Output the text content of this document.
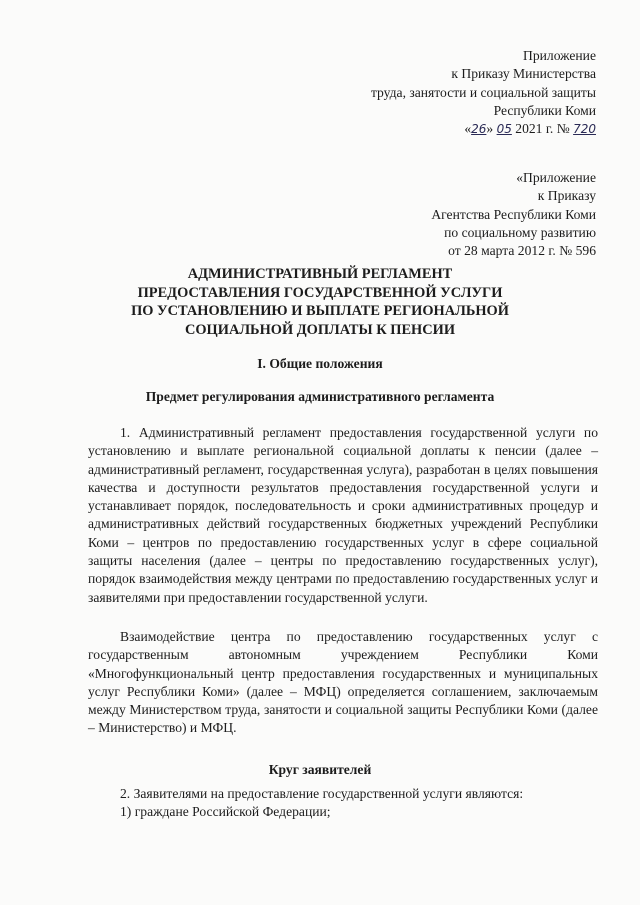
Приложение
к Приказу Министерства
труда, занятости и социальной защиты
Республики Коми
«26» 05 2021 г. № 720
«Приложение
к Приказу
Агентства Республики Коми
по социальному развитию
от 28 марта 2012 г. № 596
АДМИНИСТРАТИВНЫЙ РЕГЛАМЕНТ
ПРЕДОСТАВЛЕНИЯ ГОСУДАРСТВЕННОЙ УСЛУГИ
ПО УСТАНОВЛЕНИЮ И ВЫПЛАТЕ РЕГИОНАЛЬНОЙ
СОЦИАЛЬНОЙ ДОПЛАТЫ К ПЕНСИИ
I. Общие положения
Предмет регулирования административного регламента
1. Административный регламент предоставления государственной услуги по установлению и выплате региональной социальной доплаты к пенсии (далее – административный регламент, государственная услуга), разработан в целях повышения качества и доступности результатов предоставления государственной услуги и устанавливает порядок, последовательность и сроки административных процедур и административных действий государственных бюджетных учреждений Республики Коми – центров по предоставлению государственных услуг в сфере социальной защиты населения (далее – центры по предоставлению государственных услуг), порядок взаимодействия между центрами по предоставлению государственных услуг и заявителями при предоставлении государственной услуги.
Взаимодействие центра по предоставлению государственных услуг с государственным автономным учреждением Республики Коми «Многофункциональный центр предоставления государственных и муниципальных услуг Республики Коми» (далее – МФЦ) определяется соглашением, заключаемым между Министерством труда, занятости и социальной защиты Республики Коми (далее – Министерство) и МФЦ.
Круг заявителей
2. Заявителями на предоставление государственной услуги являются:
1) граждане Российской Федерации;
